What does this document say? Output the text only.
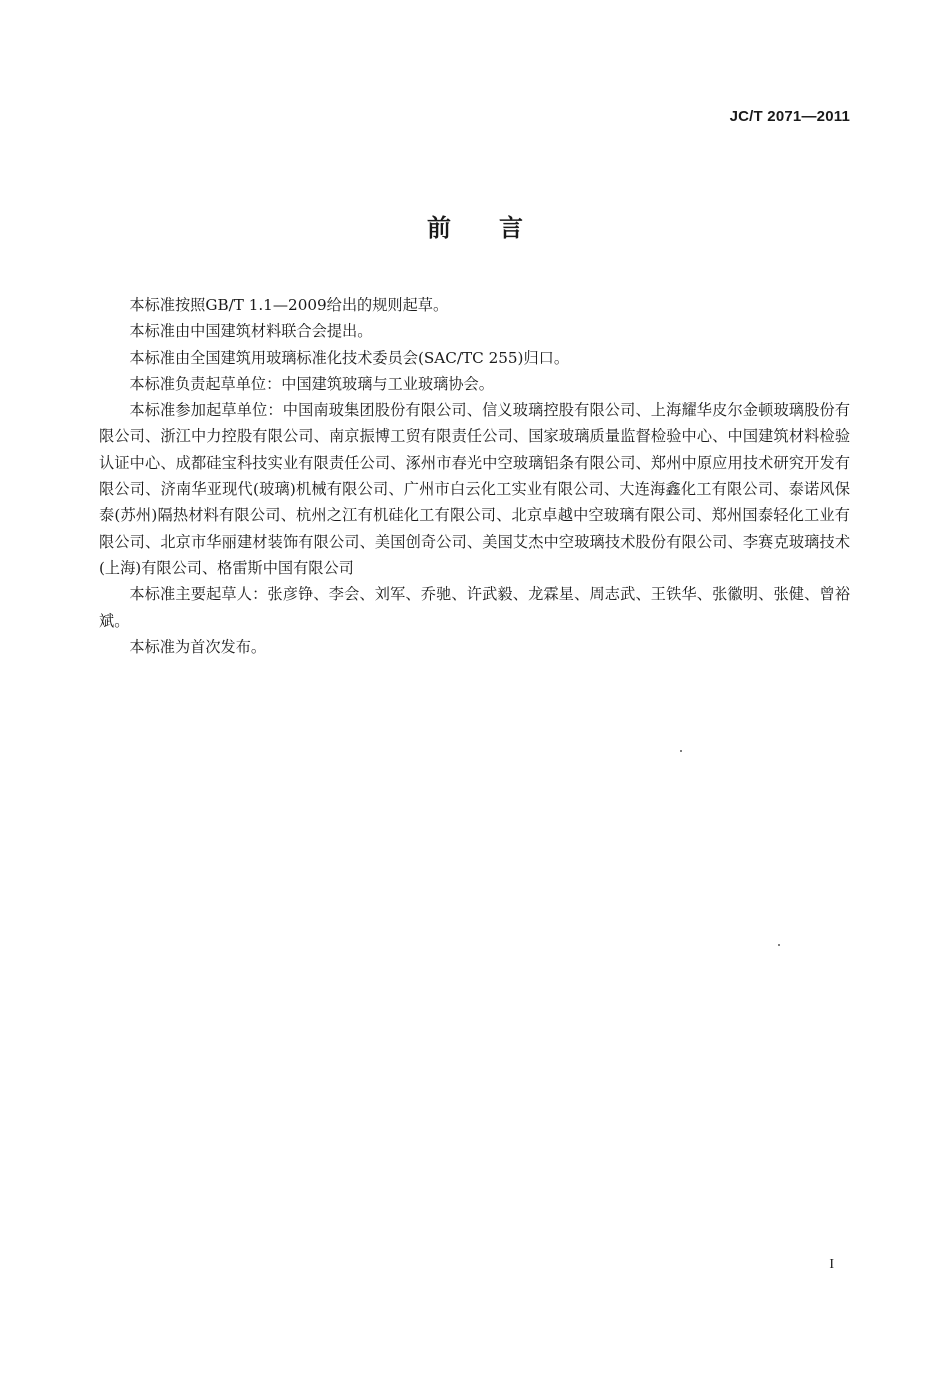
JC/T 2071—2011
前言

本标准按照GB/T 1.1—2009给出的规则起草。

本标准由中国建筑材料联合会提出。

本标准由全国建筑用玻璃标准化技术委员会(SAC/TC 255)归口。

本标准负责起草单位：中国建筑玻璃与工业玻璃协会。

本标准参加起草单位：中国南玻集团股份有限公司、信义玻璃控股有限公司、上海耀华皮尔金顿玻璃股份有限公司、浙江中力控股有限公司、南京振博工贸有限责任公司、国家玻璃质量监督检验中心、中国建筑材料检验认证中心、成都硅宝科技实业有限责任公司、涿州市春光中空玻璃铝条有限公司、郑州中原应用技术研究开发有限公司、济南华亚现代(玻璃)机械有限公司、广州市白云化工实业有限公司、大连海鑫化工有限公司、泰诺风保泰(苏州)隔热材料有限公司、杭州之江有机硅化工有限公司、北京卓越中空玻璃有限公司、郑州国泰轻化工业有限公司、北京市华丽建材装饰有限公司、美国创奇公司、美国艾杰中空玻璃技术股份有限公司、李赛克玻璃技术(上海)有限公司、格雷斯中国有限公司

本标准主要起草人：张彦铮、李会、刘军、乔驰、许武毅、龙霖星、周志武、王铁华、张徽明、张健、曾裕斌。

本标准为首次发布。

I
